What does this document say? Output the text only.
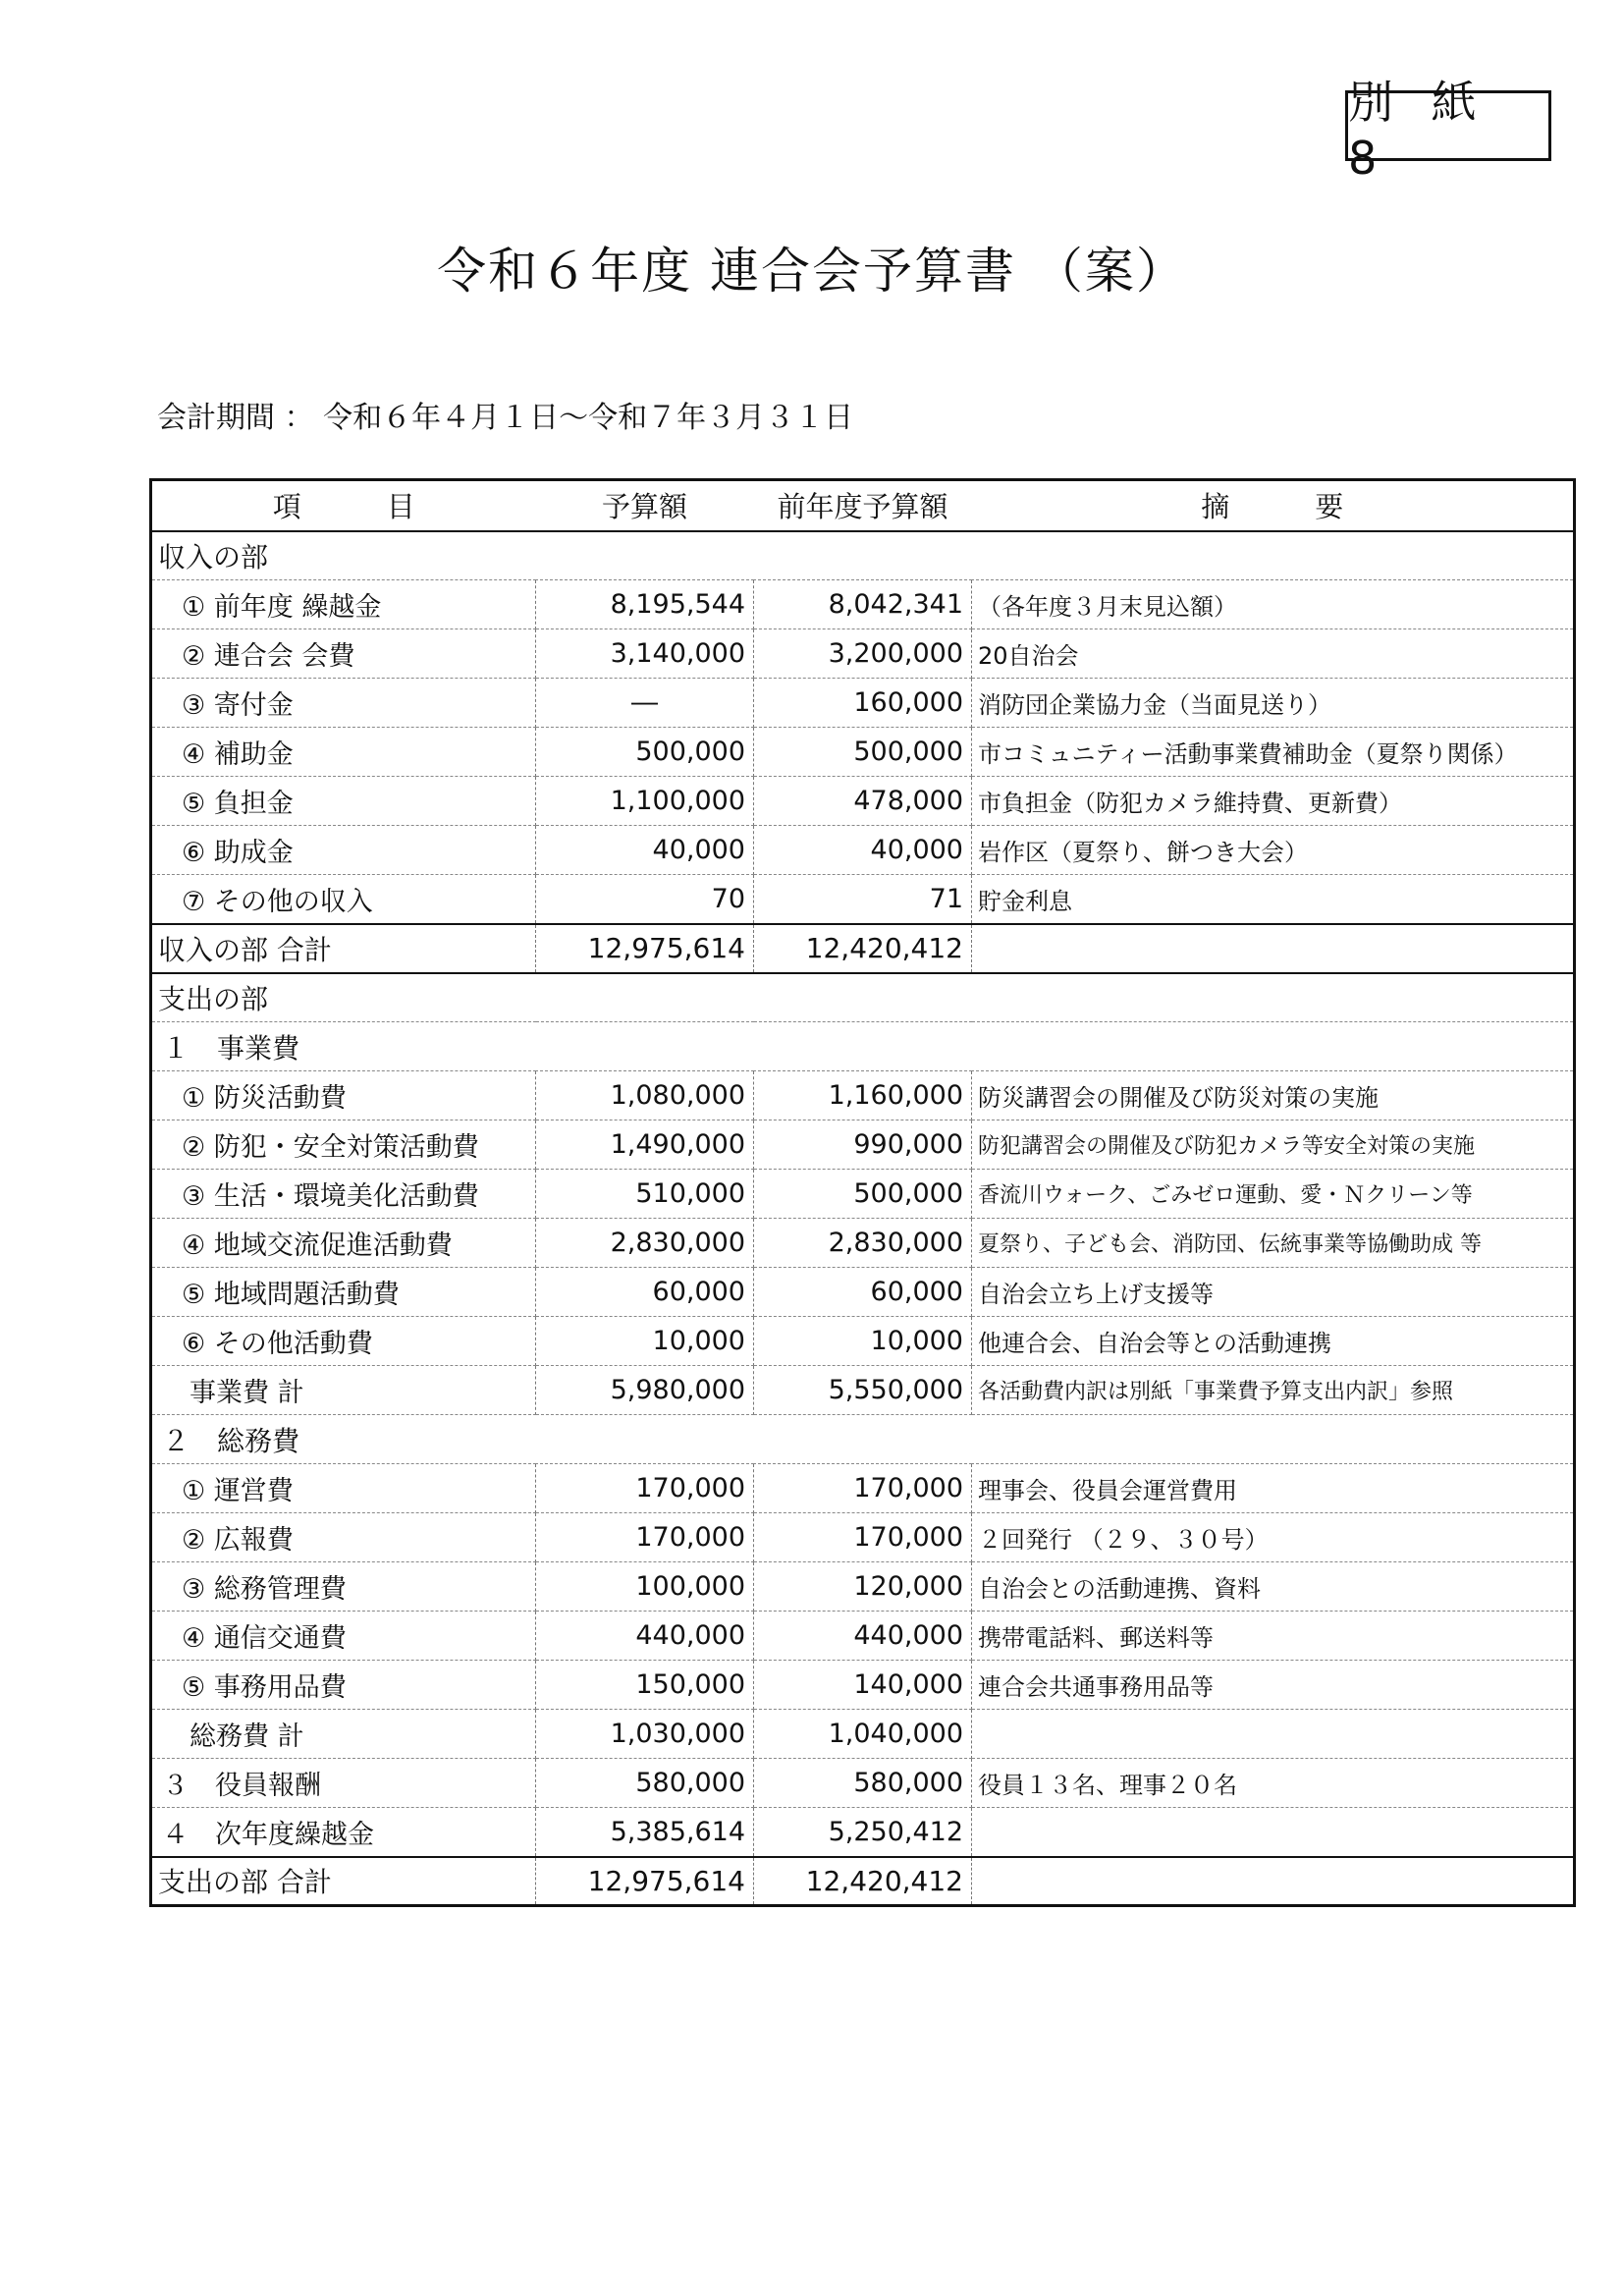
別 紙 8
令和６年度 連合会予算書 （案）
会計期間 ： 令和６年４月１日～令和７年３月３１日
項　　　目	予算額	前年度予算額	摘　　　要
収入の部			
① 前年度 繰越金	8,195,544	8,042,341	（各年度３月末見込額）
② 連合会 会費	3,140,000	3,200,000	20自治会
③ 寄付金	―	160,000	消防団企業協力金（当面見送り）
④ 補助金	500,000	500,000	市コミュニティー活動事業費補助金（夏祭り関係）
⑤ 負担金	1,100,000	478,000	市負担金（防犯カメラ維持費、更新費）
⑥ 助成金	40,000	40,000	岩作区（夏祭り、餅つき大会）
⑦ その他の収入	70	71	貯金利息
収入の部 合計	12,975,614	12,420,412	
支出の部			
１　事業費			
① 防災活動費	1,080,000	1,160,000	防災講習会の開催及び防災対策の実施
② 防犯・安全対策活動費	1,490,000	990,000	防犯講習会の開催及び防犯カメラ等安全対策の実施
③ 生活・環境美化活動費	510,000	500,000	香流川ウォーク、ごみゼロ運動、愛・Ｎクリーン等
④ 地域交流促進活動費	2,830,000	2,830,000	夏祭り、子ども会、消防団、伝統事業等協働助成 等
⑤ 地域問題活動費	60,000	60,000	自治会立ち上げ支援等
⑥ その他活動費	10,000	10,000	他連合会、自治会等との活動連携
事業費 計	5,980,000	5,550,000	各活動費内訳は別紙「事業費予算支出内訳」参照
２　総務費			
① 運営費	170,000	170,000	理事会、役員会運営費用
② 広報費	170,000	170,000	２回発行 （２９、３０号）
③ 総務管理費	100,000	120,000	自治会との活動連携、資料
④ 通信交通費	440,000	440,000	携帯電話料、郵送料等
⑤ 事務用品費	150,000	140,000	連合会共通事務用品等
総務費 計	1,030,000	1,040,000	
３　役員報酬	580,000	580,000	役員１３名、理事２０名
４　次年度繰越金	5,385,614	5,250,412	
支出の部 合計	12,975,614	12,420,412	
